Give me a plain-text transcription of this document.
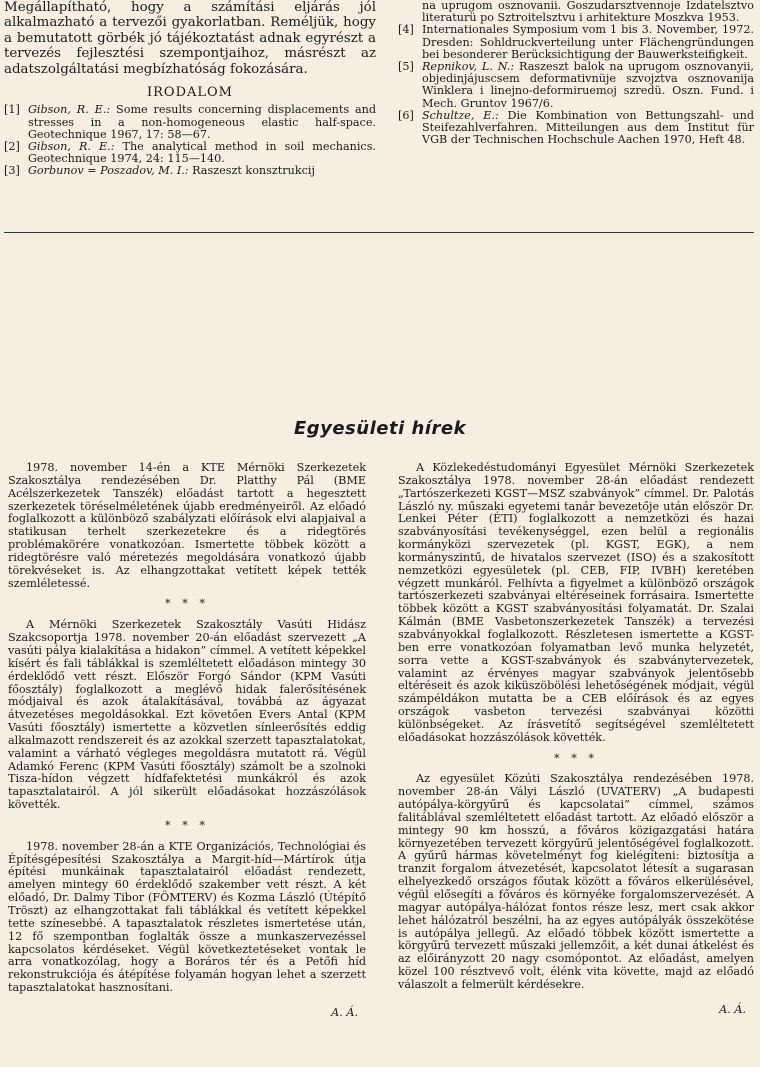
Megállapítható, hogy a számítási eljárás jól alkalmazható a tervezői gyakorlatban. Reméljük, hogy a bemutatott görbék jó tájékoztatást adnak egyrészt a tervezés fejlesztési szempontjaihoz, másrészt az adatszolgáltatási megbízhatóság fokozására.

IRODALOM
[1] Gibson, R. E.: Some results concerning displacements and stresses in a non-homogeneous elastic half-space. Geotechnique 1967, 17: 58—67.
[2] Gibson, R. E.: The analytical method in soil mechanics. Geotechnique 1974, 24: 115—140.
[3] Gorbunov = Poszadov, M. I.: Raszeszt konsztrukcij
na uprugom osznovanii. Goszudarsztvennoje Izdatelsztvo literaturü po Sztroitelsztvu i arhitekture Moszkva 1953.
[4] Internationales Symposium vom 1 bis 3. November, 1972. Dresden: Sohldruckverteilung unter Flächengründungen bei besonderer Berücksichtigung der Bauwerksteifigkeit.
[5] Repnikov, L. N.: Raszeszt balok na uprugom osznovanyii, objedinjájuscsem deformativnüje szvojztva osznovanija Winklera i linejno-deformiruemoj szredü. Oszn. Fund. i Mech. Gruntov 1967/6.
[6] Schultze, E.: Die Kombination von Bettungszahl- und Steifezahlverfahren. Mitteilungen aus dem Institut für VGB der Technischen Hochschule Aachen 1970, Heft 48.
Egyesületi hírek

1978. november 14-én a KTE Mérnöki Szerkezetek Szakosztálya rendezésében Dr. Platthy Pál (BME Acélszerkezetek Tanszék) előadást tartott a hegesztett szerkezetek töréselméletének újabb eredményeiről. Az előadó foglalkozott a különböző szabályzati előírások elvi alapjaival a statikusan terhelt szerkezetekre és a ridegtörés problémakörére vonatkozóan. Ismertette többek között a ridegtörésre való méretezés megoldására vonatkozó újabb törekvéseket is. Az elhangzottakat vetített képek tették szemléletessé.

* * *

A Mérnöki Szerkezetek Szakosztály Vasúti Hidász Szakcsoportja 1978. november 20-án előadást szervezett „A vasúti pálya kialakítása a hidakon” címmel. A vetített képekkel kísért és fali táblákkal is szemléltetett előadáson mintegy 30 érdeklődő vett részt. Először Forgó Sándor (KPM Vasúti főosztály) foglalkozott a meglévő hidak falerősítésének módjaival és azok átalakításával, továbbá az ágyazat átvezetéses megoldásokkal. Ezt követően Evers Antal (KPM Vasúti főosztály) ismertette a közvetlen sínleerősítés eddig alkalmazott rendszereit és az azokkal szerzett tapasztalatokat, valamint a várható végleges megoldásra mutatott rá. Végül Adamkó Ferenc (KPM Vasúti főosztály) számolt be a szolnoki Tisza-hídon végzett hídfafektetési munkákról és azok tapasztalatairól. A jól sikerült előadásokat hozzászólások követték.

* * *

1978. november 28-án a KTE Organizációs, Technológiai és Építésgépesítési Szakosztálya a Margit-híd—Mártírok útja építési munkáinak tapasztalatairól előadást rendezett, amelyen mintegy 60 érdeklődő szakember vett részt. A két előadó, Dr. Dalmy Tibor (FÖMTERV) és Kozma László (Útépítő Tröszt) az elhangzottakat fali táblákkal és vetített képekkel tette színesebbé. A tapasztalatok részletes ismertetése után, 12 fő szempontban foglalták össze a munkaszervezéssel kapcsolatos kérdéseket. Végül következtetéseket vontak le arra vonatkozólag, hogy a Boráros tér és a Petőfi híd rekonstrukciója és átépítése folyamán hogyan lehet a szerzett tapasztalatokat hasznosítani.

A. Á.

A Közlekedéstudományi Egyesület Mérnöki Szerkezetek Szakosztálya 1978. november 28-án előadást rendezett „Tartószerkezeti KGST—MSZ szabványok” címmel. Dr. Palotás László ny. műszaki egyetemi tanár bevezetője után először Dr. Lenkei Péter (ÉTI) foglalkozott a nemzetközi és hazai szabványosítási tevékenységgel, ezen belül a regionális kormányközi szervezetek (pl. KGST, EGK), a nem kormányszintű, de hivatalos szervezet (ISO) és a szakosított nemzetközi egyesületek (pl. CEB, FIP, IVBH) keretében végzett munkáról. Felhívta a figyelmet a különböző országok tartószerkezeti szabványai eltéréseinek forrásaira. Ismertette többek között a KGST szabványosítási folyamatát. Dr. Szalai Kálmán (BME Vasbetonszerkezetek Tanszék) a tervezési szabványokkal foglalkozott. Részletesen ismertette a KGST-ben erre vonatkozóan folyamatban levő munka helyzetét, sorra vette a KGST-szabványok és szabványtervezetek, valamint az érvényes magyar szabványok jelentősebb eltéréseit és azok kiküszöbölési lehetőségének módjait, végül számpéldákon mutatta be a CEB előírások és az egyes országok vasbeton tervezési szabványai közötti különbségeket. Az írásvetítő segítségével szemléltetett előadásokat hozzászólások követték.

* * *

Az egyesület Közúti Szakosztálya rendezésében 1978. november 28-án Vályi László (UVATERV) „A budapesti autópálya-körgyűrű és kapcsolatai” címmel, számos falitáblával szemléltetett előadást tartott. Az előadó először a mintegy 90 km hosszú, a főváros közigazgatási határa környezetében tervezett körgyűrű jelentőségével foglalkozott. A gyűrű hármas követelményt fog kielégíteni: biztosítja a tranzit forgalom átvezetését, kapcsolatot létesít a sugarasan elhelyezkedő országos főutak között a főváros elkerülésével, végül elősegíti a főváros és környéke forgalomszervezését. A magyar autópálya-hálózat fontos része lesz, mert csak akkor lehet hálózatról beszélni, ha az egyes autópályák összekötése is autópálya jellegű. Az előadó többek között ismertette a körgyűrű tervezett műszaki jellemzőit, a két dunai átkelést és az előirányzott 20 nagy csomópontot. Az előadást, amelyen közel 100 résztvevő volt, élénk vita követte, majd az előadó válaszolt a felmerült kérdésekre.

A. Á.
